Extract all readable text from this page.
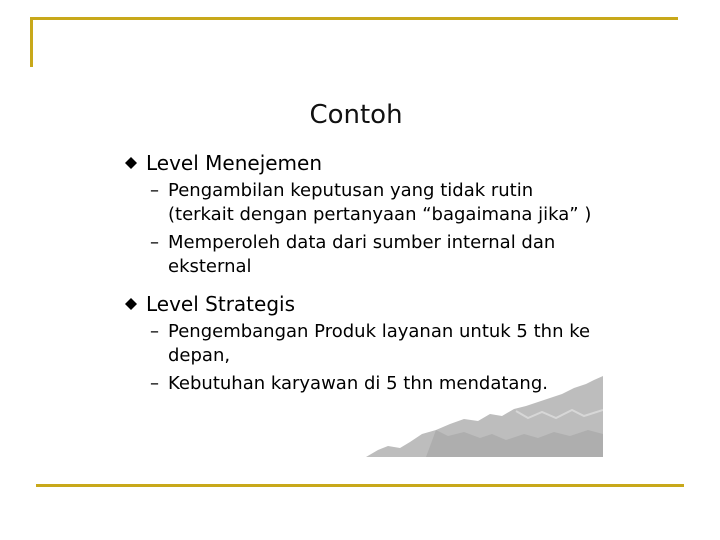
Contoh
Level Menejemen
– Pengambilan keputusan yang tidak rutin (terkait dengan pertanyaan “bagaimana jika” )
– Memperoleh data dari sumber internal dan eksternal
Level Strategis
– Pengembangan Produk layanan untuk 5 thn ke depan,
– Kebutuhan karyawan di 5 thn mendatang.
